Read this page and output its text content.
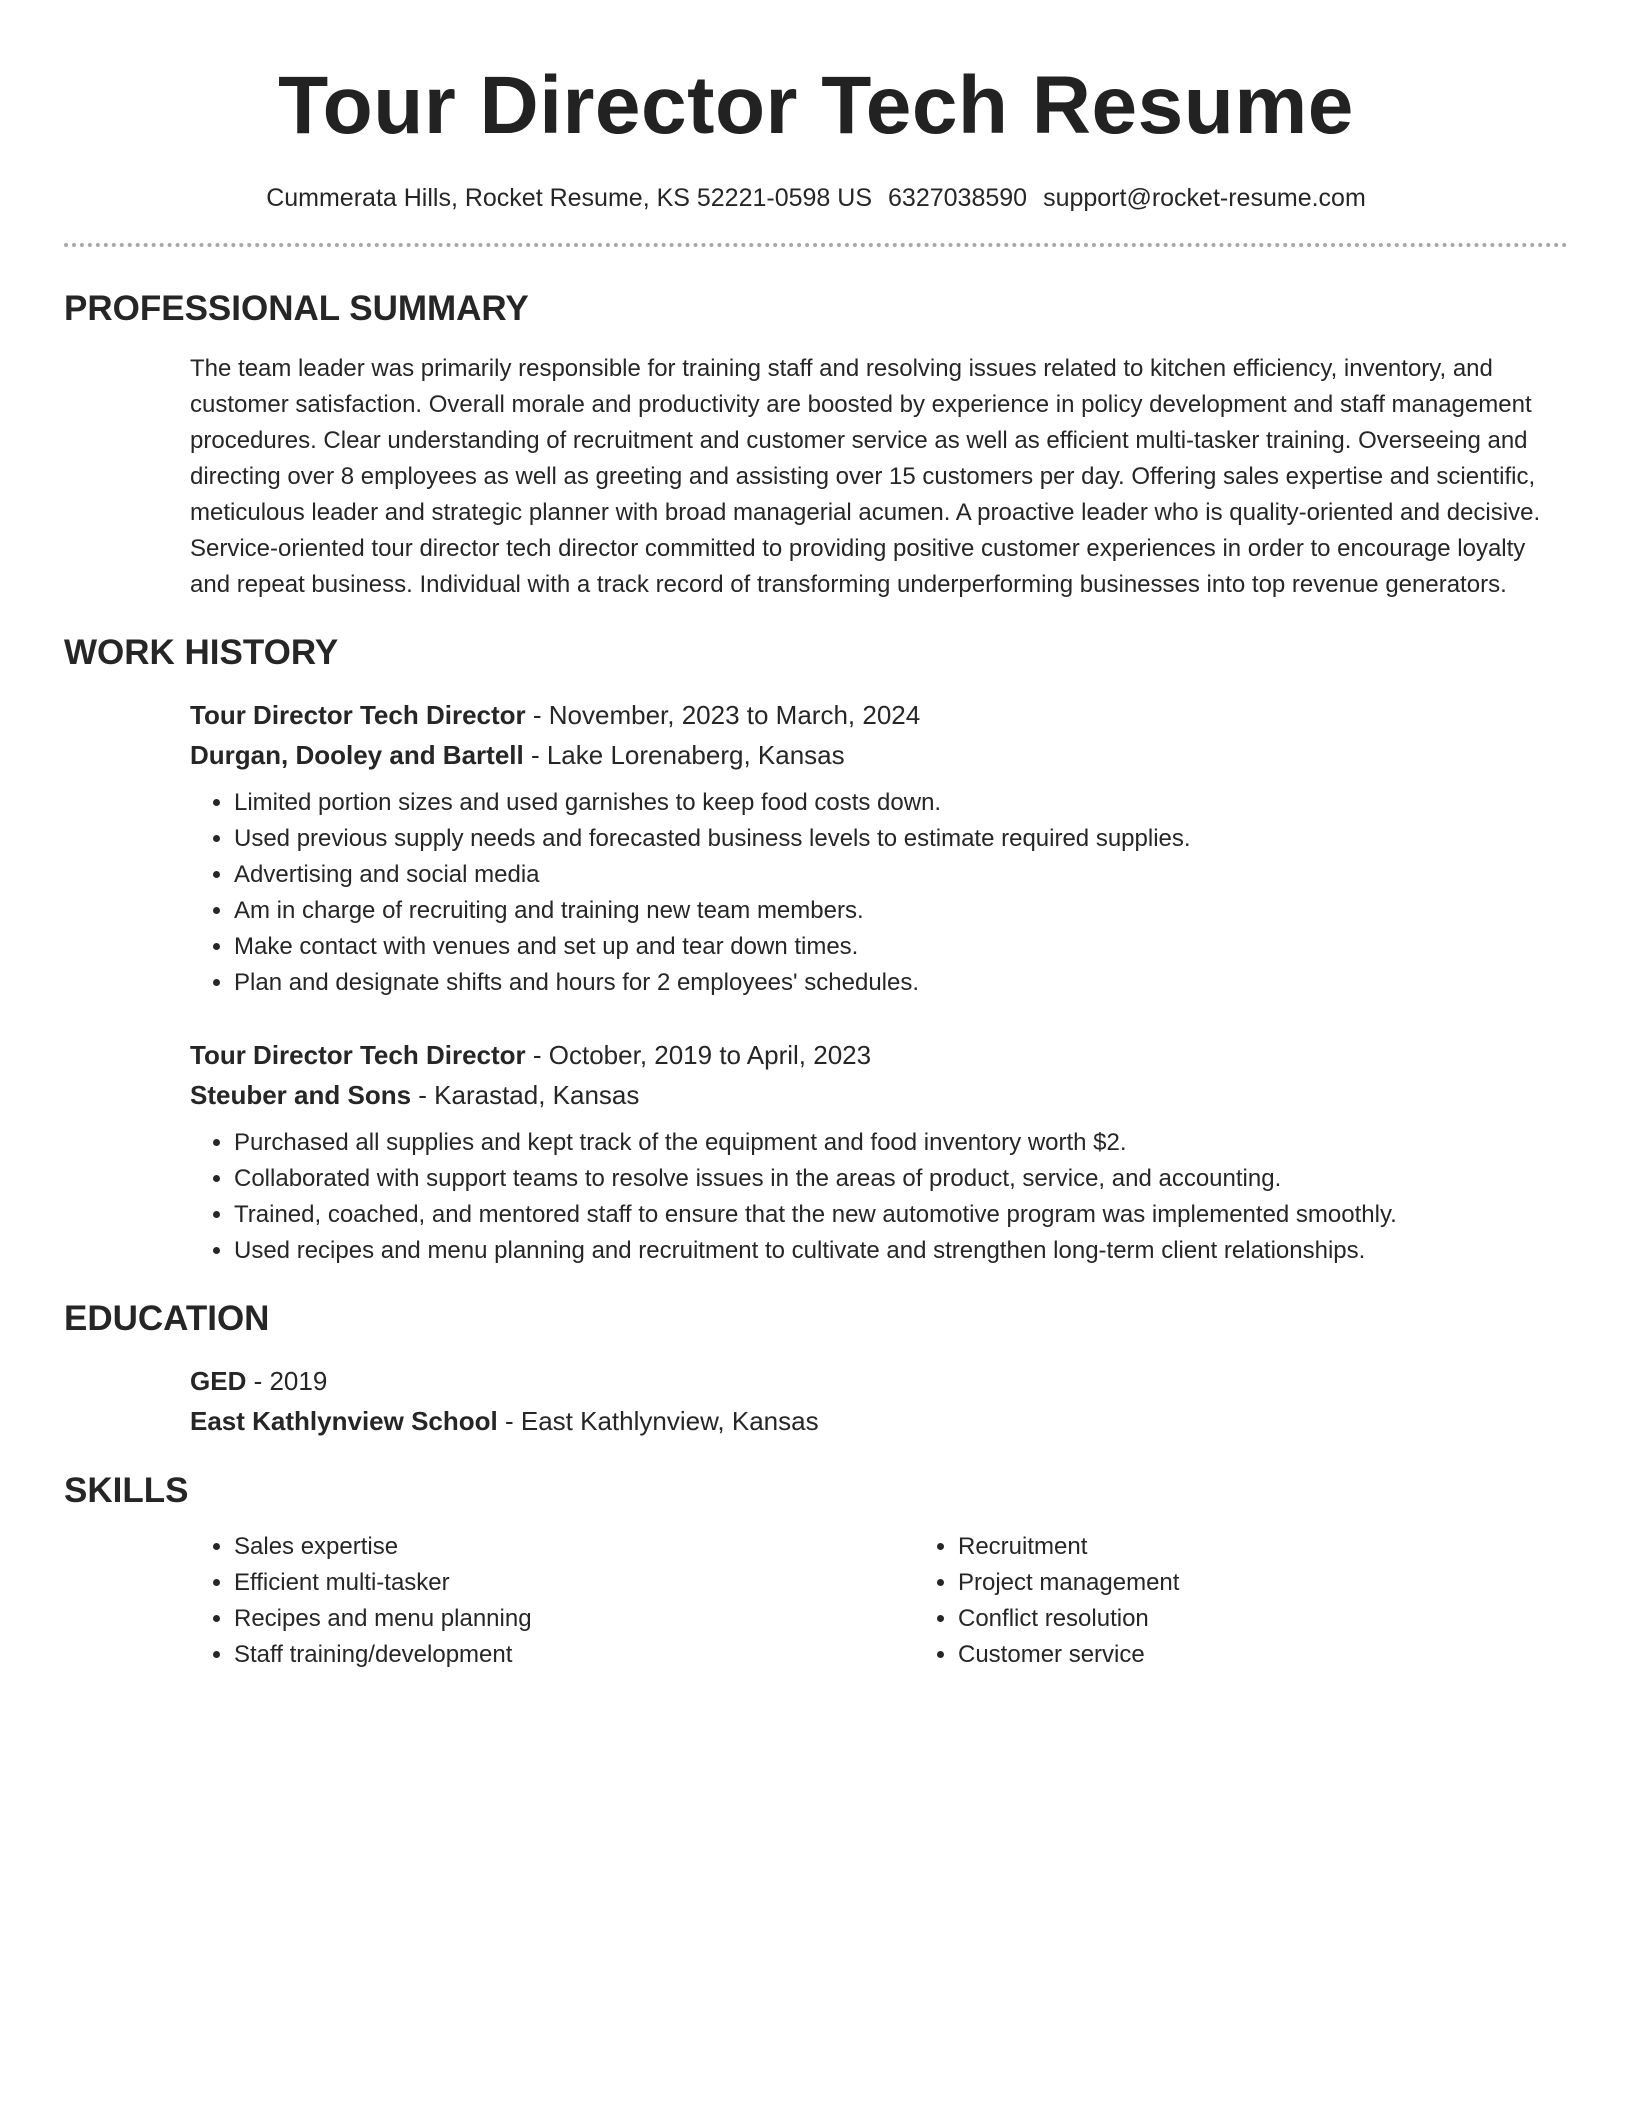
Tour Director Tech Resume
Cummerata Hills, Rocket Resume, KS 52221-0598 US 6327038590 support@rocket-resume.com
PROFESSIONAL SUMMARY
The team leader was primarily responsible for training staff and resolving issues related to kitchen efficiency, inventory, and customer satisfaction. Overall morale and productivity are boosted by experience in policy development and staff management procedures. Clear understanding of recruitment and customer service as well as efficient multi-tasker training. Overseeing and directing over 8 employees as well as greeting and assisting over 15 customers per day. Offering sales expertise and scientific, meticulous leader and strategic planner with broad managerial acumen. A proactive leader who is quality-oriented and decisive. Service-oriented tour director tech director committed to providing positive customer experiences in order to encourage loyalty and repeat business. Individual with a track record of transforming underperforming businesses into top revenue generators.
WORK HISTORY
Tour Director Tech Director - November, 2023 to March, 2024
Durgan, Dooley and Bartell - Lake Lorenaberg, Kansas
• Limited portion sizes and used garnishes to keep food costs down.
• Used previous supply needs and forecasted business levels to estimate required supplies.
• Advertising and social media
• Am in charge of recruiting and training new team members.
• Make contact with venues and set up and tear down times.
• Plan and designate shifts and hours for 2 employees' schedules.
Tour Director Tech Director - October, 2019 to April, 2023
Steuber and Sons - Karastad, Kansas
• Purchased all supplies and kept track of the equipment and food inventory worth $2.
• Collaborated with support teams to resolve issues in the areas of product, service, and accounting.
• Trained, coached, and mentored staff to ensure that the new automotive program was implemented smoothly.
• Used recipes and menu planning and recruitment to cultivate and strengthen long-term client relationships.
EDUCATION
GED - 2019
East Kathlynview School - East Kathlynview, Kansas
SKILLS
• Sales expertise
• Efficient multi-tasker
• Recipes and menu planning
• Staff training/development
• Recruitment
• Project management
• Conflict resolution
• Customer service
